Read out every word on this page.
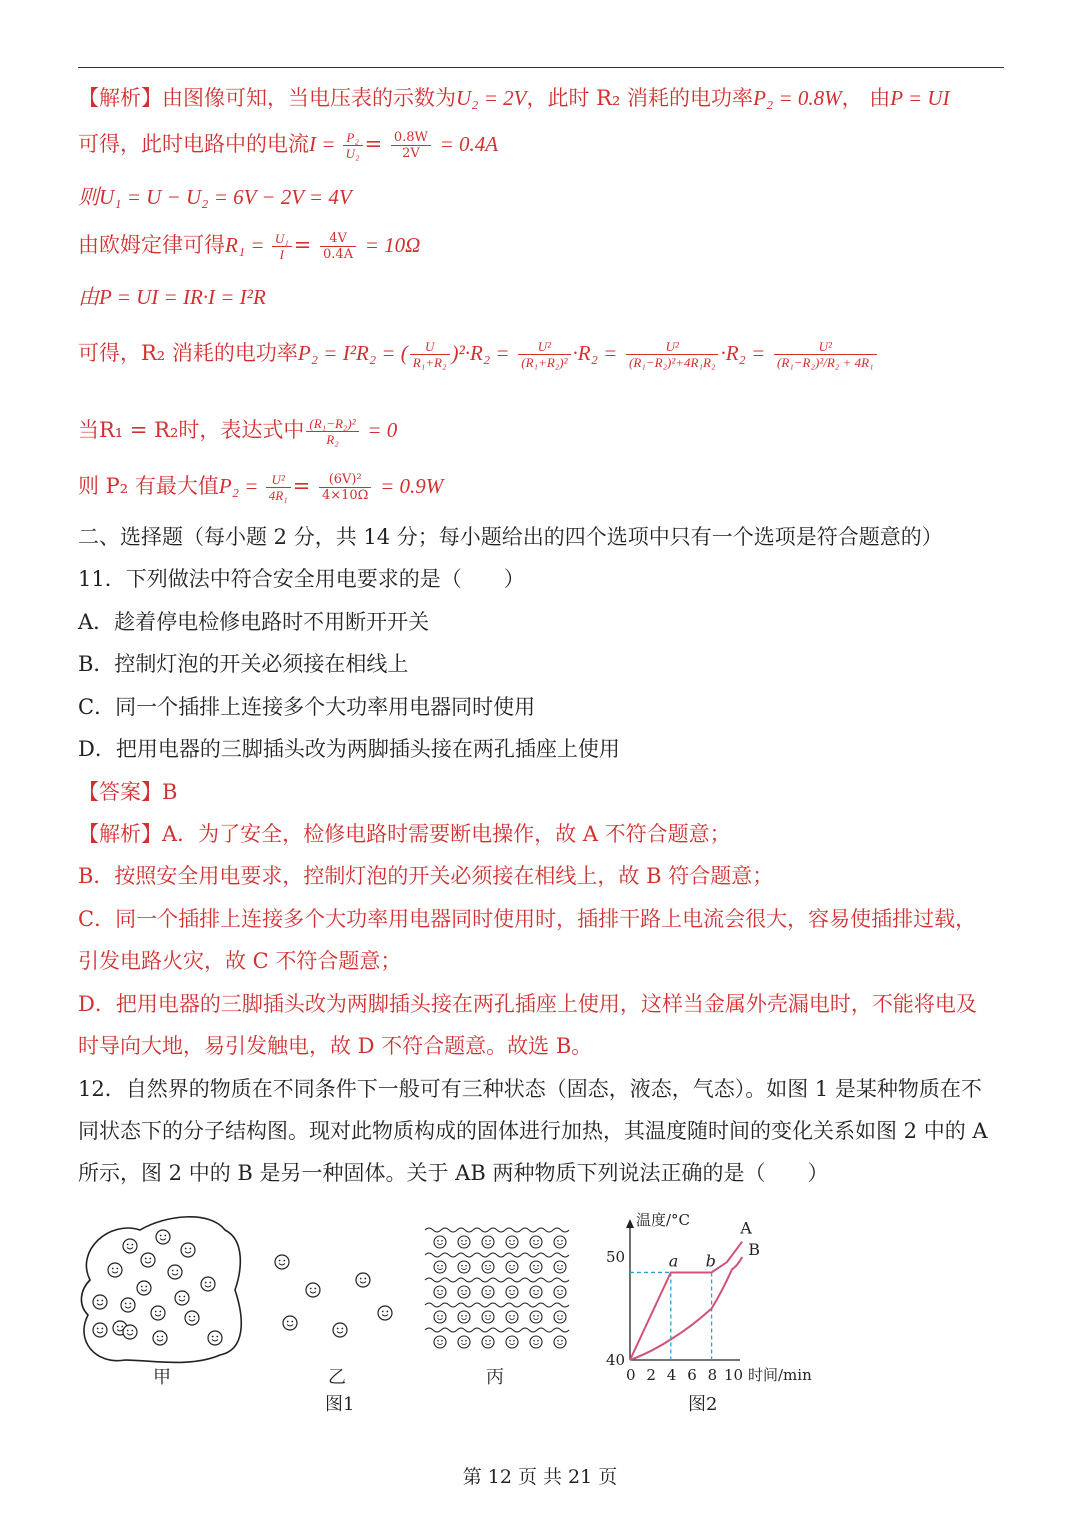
【解析】由图像可知，当电压表的示数为U₂ = 2V，此时 R₂ 消耗的电功率P₂ = 0.8W， 由P = UI
可得，此时电路中的电流$I = \frac{\text{P₂}}{\text{U₂}} = \frac{0.8W}{2V} = 0.4A$
则U₁ = U − U₂ = 6V − 2V = 4V
由欧姆定律可得$R_1 = \frac{\text{U₁}}{I} = \frac{4V}{0.4A} = 10\Omega$
由P = UI = IR·I = I²R
可得，R₂ 消耗的电功率P₂ = I²R₂ = ( $\frac{U}{\text{R₁+R₂}} )^2\cdot R_2 = \frac{\text{U²}}{\text{(R₁+R₂)²}} \cdot R_2 = \frac{\text{U²}}{\text{(R₁−R₂)²+4R₁R₂}} \cdot R_2 = \frac{\text{U²}}{\text{(R₁−R₂)²/R₂ + 4R₁}}$
当R₁ = R₂时，表达式中 $\frac{\text{(R₁−R₂)²}}{\text{R₂}} = 0$
则 P₂ 有最大值$P_2 = \frac{\text{U²}}{\text{4R₁}} = \frac{\text{(6V)²}}{4\times 10\Omega} = 0.9W$
二、选择题（每小题 2 分，共 14 分；每小题给出的四个选项中只有一个选项是符合题意的）
11．下列做法中符合安全用电要求的是（　　）
A．趁着停电检修电路时不用断开开关
B．控制灯泡的开关必须接在相线上
C．同一个插排上连接多个大功率用电器同时使用
D．把用电器的三脚插头改为两脚插头接在两孔插座上使用
【答案】B
【解析】A．为了安全，检修电路时需要断电操作，故 A 不符合题意；
B．按照安全用电要求，控制灯泡的开关必须接在相线上，故 B 符合题意；
C．同一个插排上连接多个大功率用电器同时使用时，插排干路上电流会很大，容易使插排过载，
引发电路火灾，故 C 不符合题意；
D．把用电器的三脚插头改为两脚插头接在两孔插座上使用，这样当金属外壳漏电时，不能将电及
时导向大地，易引发触电，故 D 不符合题意。故选 B。
12．自然界的物质在不同条件下一般可有三种状态（固态，液态，气态）。如图 1 是某种物质在不
同状态下的分子结构图。现对此物质构成的固体进行加热，其温度随时间的变化关系如图 2 中的 A
所示，图 2 中的 B 是另一种固体。关于 AB 两种物质下列说法正确的是（　　）
甲	乙	丙
图1
温度/°C
时间/min
40
50
0 2 4 6 8 10
A
B
a b
图2
第 12 页 共 21 页
